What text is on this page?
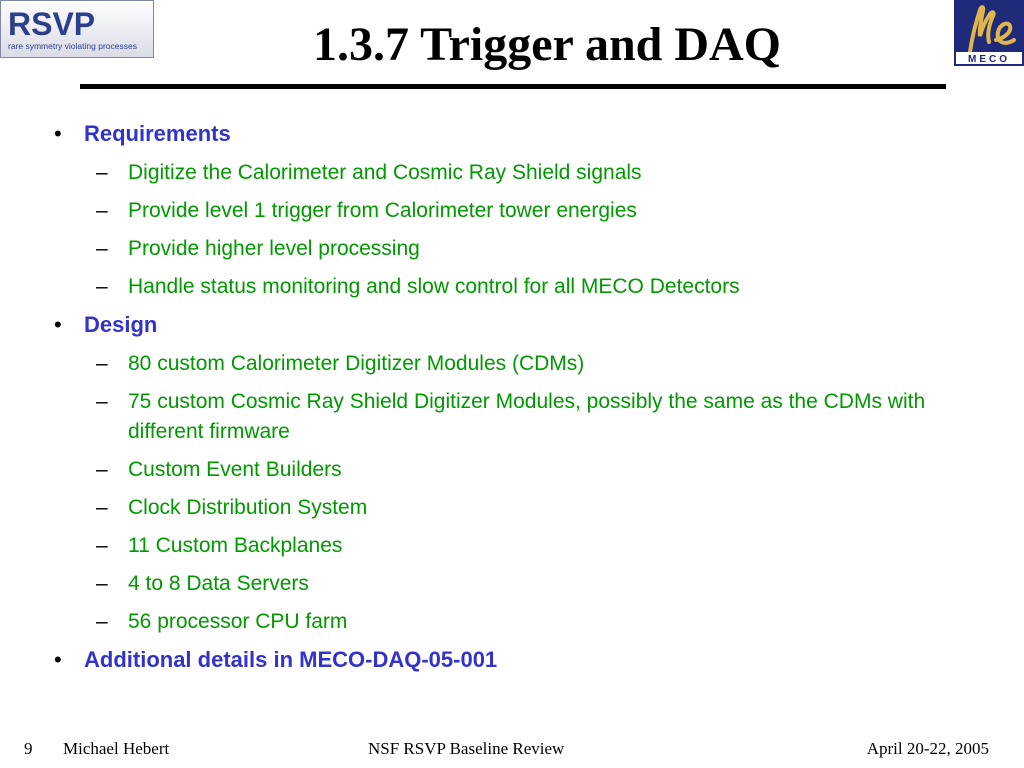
RSVP
rare symmetry violating processes
MECO
1.3.7 Trigger and DAQ
• Requirements
– Digitize the Calorimeter and Cosmic Ray Shield signals
– Provide level 1 trigger from Calorimeter tower energies
– Provide higher level processing
– Handle status monitoring and slow control for all MECO Detectors
• Design
– 80 custom Calorimeter Digitizer Modules (CDMs)
– 75 custom Cosmic Ray Shield Digitizer Modules, possibly the same as the CDMs with different firmware
– Custom Event Builders
– Clock Distribution System
– 11 Custom Backplanes
– 4 to 8 Data Servers
– 56 processor CPU farm
• Additional details in MECO-DAQ-05-001
9 Michael Hebert	NSF RSVP Baseline Review	April 20-22, 2005
